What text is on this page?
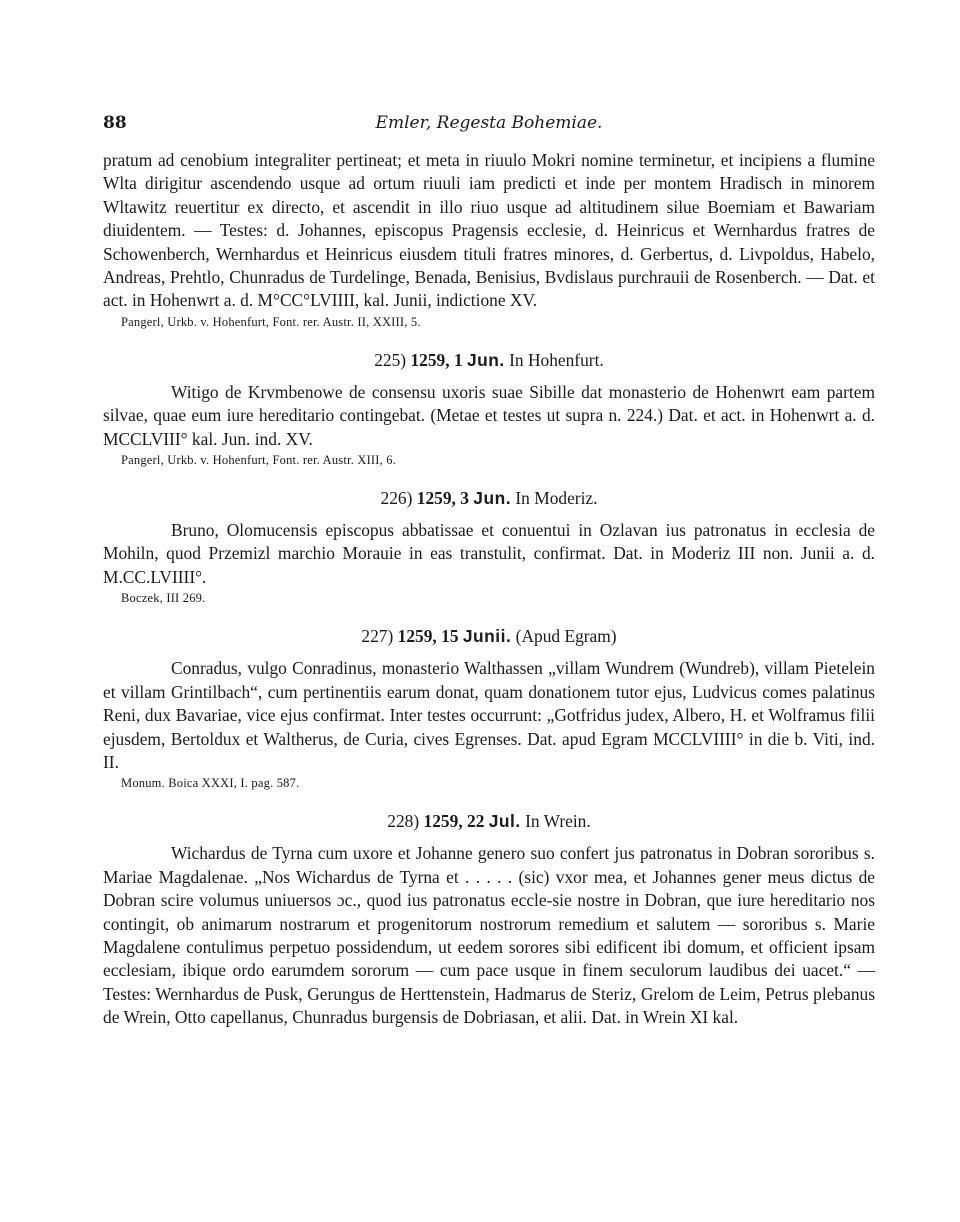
88	Emler, Regesta Bohemiae.

pratum ad cenobium integraliter pertineat; et meta in riuulo Mokri nomine terminetur, et incipiens a flumine Wlta dirigitur ascendendo usque ad ortum riuuli iam predicti et inde per montem Hradisch in minorem Wltawitz reuertitur ex directo, et ascendit in illo riuo usque ad altitudinem silue Boemiam et Bawariam diuidentem. — Testes: d. Johannes, episcopus Pragensis ecclesie, d. Heinricus et Wernhardus fratres de Schowenberch, Wernhardus et Heinricus eiusdem tituli fratres minores, d. Gerbertus, d. Livpoldus, Habelo, Andreas, Prehtlo, Chunradus de Turdelinge, Benada, Benisius, Bvdislaus purchrauii de Rosenberch. — Dat. et act. in Hohenwrt a. d. M°CC°LVIIII, kal. Junii, indictione XV.

Pangerl, Urkb. v. Hohenfurt, Font. rer. Austr. II, XXIII, 5.

225) 1259, 1 Jun. In Hohenfurt.

Witigo de Krvmbenowe de consensu uxoris suae Sibille dat monasterio de Hohenwrt eam partem silvae, quae eum iure hereditario contingebat. (Metae et testes ut supra n. 224.) Dat. et act. in Hohenwrt a. d. MCCLVIII° kal. Jun. ind. XV.

Pangerl, Urkb. v. Hohenfurt, Font. rer. Austr. XIII, 6.

226) 1259, 3 Jun. In Moderiz.

Bruno, Olomucensis episcopus abbatissae et conuentui in Ozlavan ius patronatus in ecclesia de Mohiln, quod Przemizl marchio Morauie in eas transtulit, confirmat. Dat. in Moderiz III non. Junii a. d. M.CC.LVIIII°.

Boczek, III 269.

227) 1259, 15 Junii. (Apud Egram)

Conradus, vulgo Conradinus, monasterio Walthassen „villam Wundrem (Wundreb), villam Pietelein et villam Grintilbach“, cum pertinentiis earum donat, quam donationem tutor ejus, Ludvicus comes palatinus Reni, dux Bavariae, vice ejus confirmat. Inter testes occurrunt: „Gotfridus judex, Albero, H. et Wolframus filii ejusdem, Bertoldux et Waltherus, de Curia, cives Egrenses. Dat. apud Egram MCCLVIIII° in die b. Viti, ind. II.

Monum. Boica XXXI, I. pag. 587.

228) 1259, 22 Jul. In Wrein.

Wichardus de Tyrna cum uxore et Johanne genero suo confert jus patronatus in Dobran sororibus s. Mariae Magdalenae. „Nos Wichardus de Tyrna et . . . . . (sic) vxor mea, et Johannes gener meus dictus de Dobran scire volumus uniuersos ɔc., quod ius patronatus eccle-sie nostre in Dobran, que iure hereditario nos contingit, ob animarum nostrarum et progenitorum nostrorum remedium et salutem — sororibus s. Marie Magdalene contulimus perpetuo possidendum, ut eedem sorores sibi edificent ibi domum, et officient ipsam ecclesiam, ibique ordo earumdem sororum — cum pace usque in finem seculorum laudibus dei uacet.“ — Testes: Wernhardus de Pusk, Gerungus de Herttenstein, Hadmarus de Steriz, Grelom de Leim, Petrus plebanus de Wrein, Otto capellanus, Chunradus burgensis de Dobriasan, et alii. Dat. in Wrein XI kal.
